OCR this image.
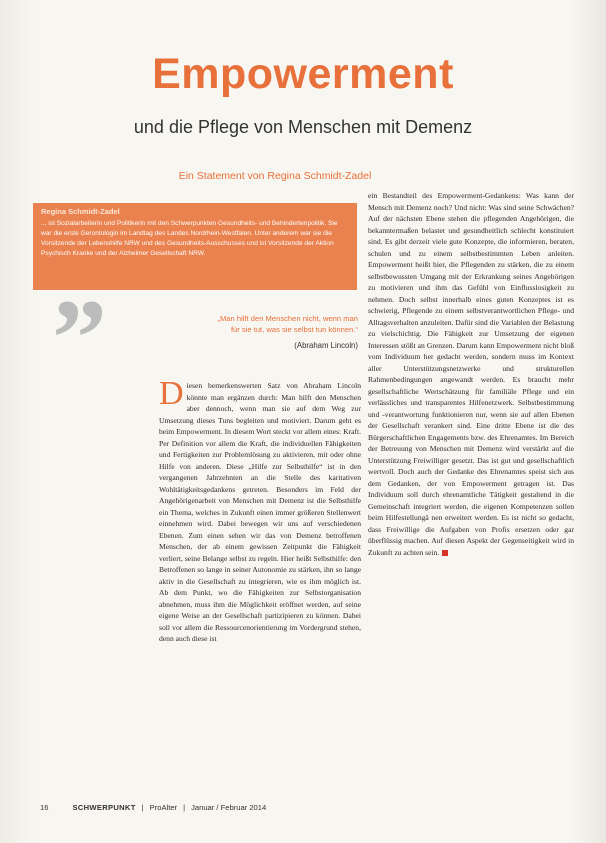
Empowerment
und die Pflege von Menschen mit Demenz
Ein Statement von Regina Schmidt-Zadel
Regina Schmidt-Zadel
... ist Sozialarbeiterin und Politikerin mit den Schwerpunkten Gesundheits- und Behindertenpolitik. Sie war die erste Gerontologin im Landtag des Landes Nordrhein-Westfalen. Unter anderem war sie die Vorsitzende der Lebenshilfe NRW und des Gesundheits-Ausschusses und ist Vorsitzende der Aktion Psychisch Kranke und der Alzheimer Gesellschaft NRW.
”	„Man hilft den Menschen nicht, wenn man für sie tut, was sie selbst tun können.“
(Abraham Lincoln)

Diesen bemerkenswerten Satz von Abraham Lincoln könnte man ergänzen durch: Man hilft den Menschen aber dennoch, wenn man sie auf dem Weg zur Umsetzung dieses Tuns begleiten und motiviert. Darum geht es beim Empowerment. In diesem Wort steckt vor allem eines: Kraft. Per Definition vor allem die Kraft, die individuellen Fähigkeiten und Fertigkeiten zur Problemlösung zu aktivieren, mit oder ohne Hilfe von anderen. Diese „Hilfe zur Selbsthilfe“ ist in den vergangenen Jahrzehnten an die Stelle des karitativen Wohltätigkeitsgedankens getreten. Besonders im Feld der Angehörigenarbeit von Menschen mit Demenz ist die Selbsthilfe ein Thema, welches in Zukunft einen immer größeren Stellenwert einnehmen wird. Dabei bewegen wir uns auf verschiedenen Ebenen. Zum einen sehen wir das von Demenz betroffenen Menschen, der ab einem gewissen Zeitpunkt die Fähigkeit verliert, seine Belange selbst zu regeln. Hier heißt Selbsthilfe: den Betroffenen so lange in seiner Autonomie zu stärken, ihn so lange aktiv in die Gesellschaft zu integrieren, wie es ihm möglich ist. Ab dem Punkt, wo die Fähigkeiten zur Selbstorganisation abnehmen, muss ihm die Möglichkeit eröffnet werden, auf seine eigene Weise an der Gesellschaft partizipieren zu können. Dabei soll vor allem die Ressourcenorientierung im Vordergrund stehen, denn auch diese ist

ein Bestandteil des Empowerment-Gedankens: Was kann der Mensch mit Demenz noch? Und nicht: Was sind seine Schwächen? Auf der nächsten Ebene stehen die pflegenden Angehörigen, die bekanntermaßen belastet und gesundheitlich schlecht konstituiert sind. Es gibt derzeit viele gute Konzepte, die informieren, beraten, schulen und zu einem selbstbestimmten Leben anleiten. Empowerment heißt hier, die Pflegenden zu stärken, die zu einem selbstbewussten Umgang mit der Erkrankung seines Angehörigen zu motivieren und ihm das Gefühl von Einflusslosigkeit zu nehmen. Doch selbst innerhalb eines guten Konzeptes ist es schwierig, Pflegende zu einem selbstverantwortlichen Pflege- und Alltagsverhalten anzuleiten. Dafür sind die Variablen der Belastung zu vielschichtig. Die Fähigkeit zur Umsetzung der eigenen Interessen stößt an Grenzen. Darum kann Empowerment nicht bloß vom Individuum her gedacht werden, sondern muss im Kontext aller Unterstützungsnetzwerke und strukturellen Rahmenbedingungen angewandt werden. Es braucht mehr gesellschaftliche Wertschätzung für familiäle Pflege und ein verlässliches und transparentes Hilfenetzwerk. Selbstbestimmung und -verantwortung funktionieren nur, wenn sie auf allen Ebenen der Gesellschaft verankert sind. Eine dritte Ebene ist die des Bürgerschaftlichen Engagements bzw. des Ehrenamtes. Im Bereich der Betreuung von Menschen mit Demenz wird verstärkt auf die Unterstützung Freiwilliger gesetzt. Das ist gut und gesellschaftlich wertvoll. Doch auch der Gedanke des Ehrenamtes speist sich aus dem Gedanken, der von Empowerment getragen ist. Das Individuum soll durch ehrenamtliche Tätigkeit gestaltend in die Gemeinschaft integriert werden, die eigenen Kompetenzen sollen beim Hilfestellungä nen erweitert werden. Es ist nicht so gedacht, dass Freiwillige die Aufgaben von Profis ersetzen oder gar überflüssig machen. Auf diesen Aspekt der Gegenseitigkeit wird in Zukunft zu achten sein.

16	SCHWERPUNKT | ProAlter | Januar / Februar 2014
